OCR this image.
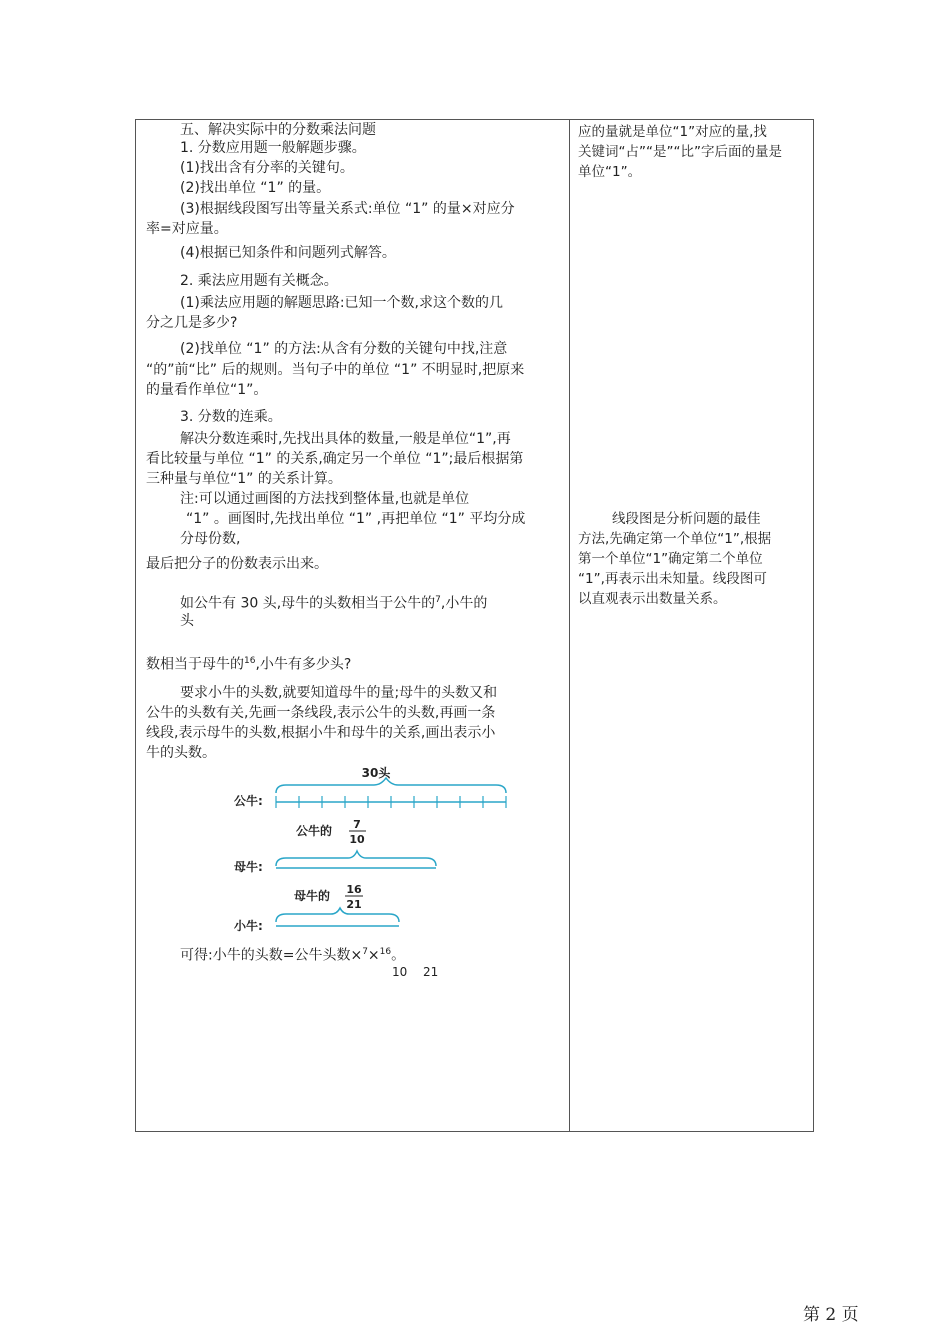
五、解决实际中的分数乘法问题
1. 分数应用题一般解题步骤。
(1)找出含有分率的关键句。
(2)找出单位 “1” 的量。
(3)根据线段图写出等量关系式:单位 “1” 的量×对应分
率=对应量。
(4)根据已知条件和问题列式解答。
2. 乘法应用题有关概念。
(1)乘法应用题的解题思路:已知一个数,求这个数的几
分之几是多少?
(2)找单位 “1” 的方法:从含有分数的关键句中找,注意
“的”前“比” 后的规则。当句子中的单位 “1” 不明显时,把原来
的量看作单位“1”。
3. 分数的连乘。
解决分数连乘时,先找出具体的数量,一般是单位“1”,再
看比较量与单位 “1” 的关系,确定另一个单位 “1”;最后根据第
三种量与单位“1” 的关系计算。
注:可以通过画图的方法找到整体量,也就是单位
“1” 。画图时,先找出单位 “1” ,再把单位 “1” 平均分成
分母份数,
最后把分子的份数表示出来。
如公牛有 30 头,母牛的头数相当于公牛的$^7$,小牛的
头
数相当于母牛的$^{16}$,小牛有多少头?
要求小牛的头数,就要知道母牛的量;母牛的头数又和
公牛的头数有关,先画一条线段,表示公牛的头数,再画一条
线段,表示母牛的头数,根据小牛和母牛的关系,画出表示小
牛的头数。
30头
公牛:
公牛的 7
10
母牛:
母牛的 16
21
小牛:
可得:小牛的头数=公牛头数×$^7$×$^{16}$。
10 21
应的量就是单位“1”对应的量,找
关键词“占”“是”“比”字后面的量是
单位“1”。
线段图是分析问题的最佳
方法,先确定第一个单位“1”,根据
第一个单位“1”确定第二个单位
“1”,再表示出未知量。线段图可
以直观表示出数量关系。
第 2 页
